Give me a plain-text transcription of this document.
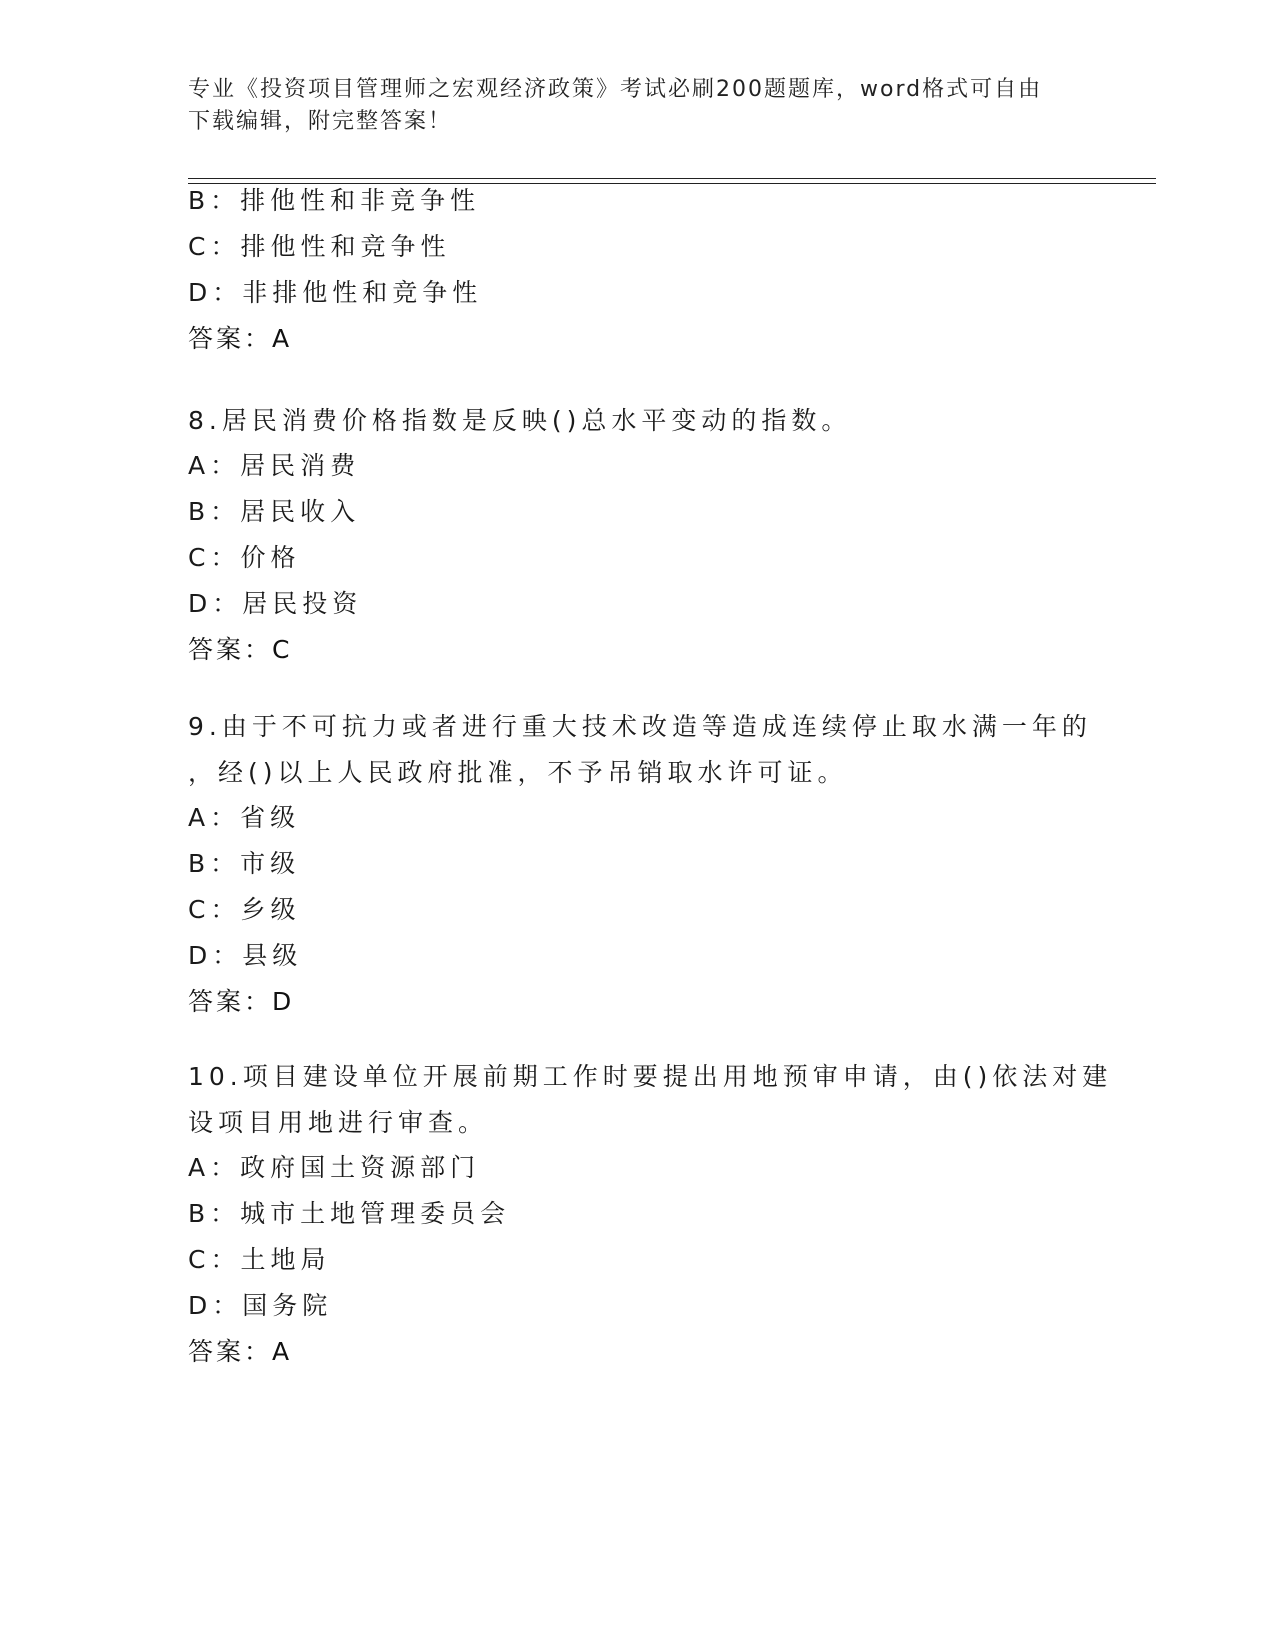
专业《投资项目管理师之宏观经济政策》考试必刷200题题库，word格式可自由
下载编辑，附完整答案！
B：排他性和非竞争性
C：排他性和竞争性
D：非排他性和竞争性
答案：A
8.居民消费价格指数是反映()总水平变动的指数。
A：居民消费
B：居民收入
C：价格
D：居民投资
答案：C
9.由于不可抗力或者进行重大技术改造等造成连续停止取水满一年的
，经()以上人民政府批准，不予吊销取水许可证。
A：省级
B：市级
C：乡级
D：县级
答案：D
10.项目建设单位开展前期工作时要提出用地预审申请，由()依法对建
设项目用地进行审查。
A：政府国土资源部门
B：城市土地管理委员会
C：土地局
D：国务院
答案：A
